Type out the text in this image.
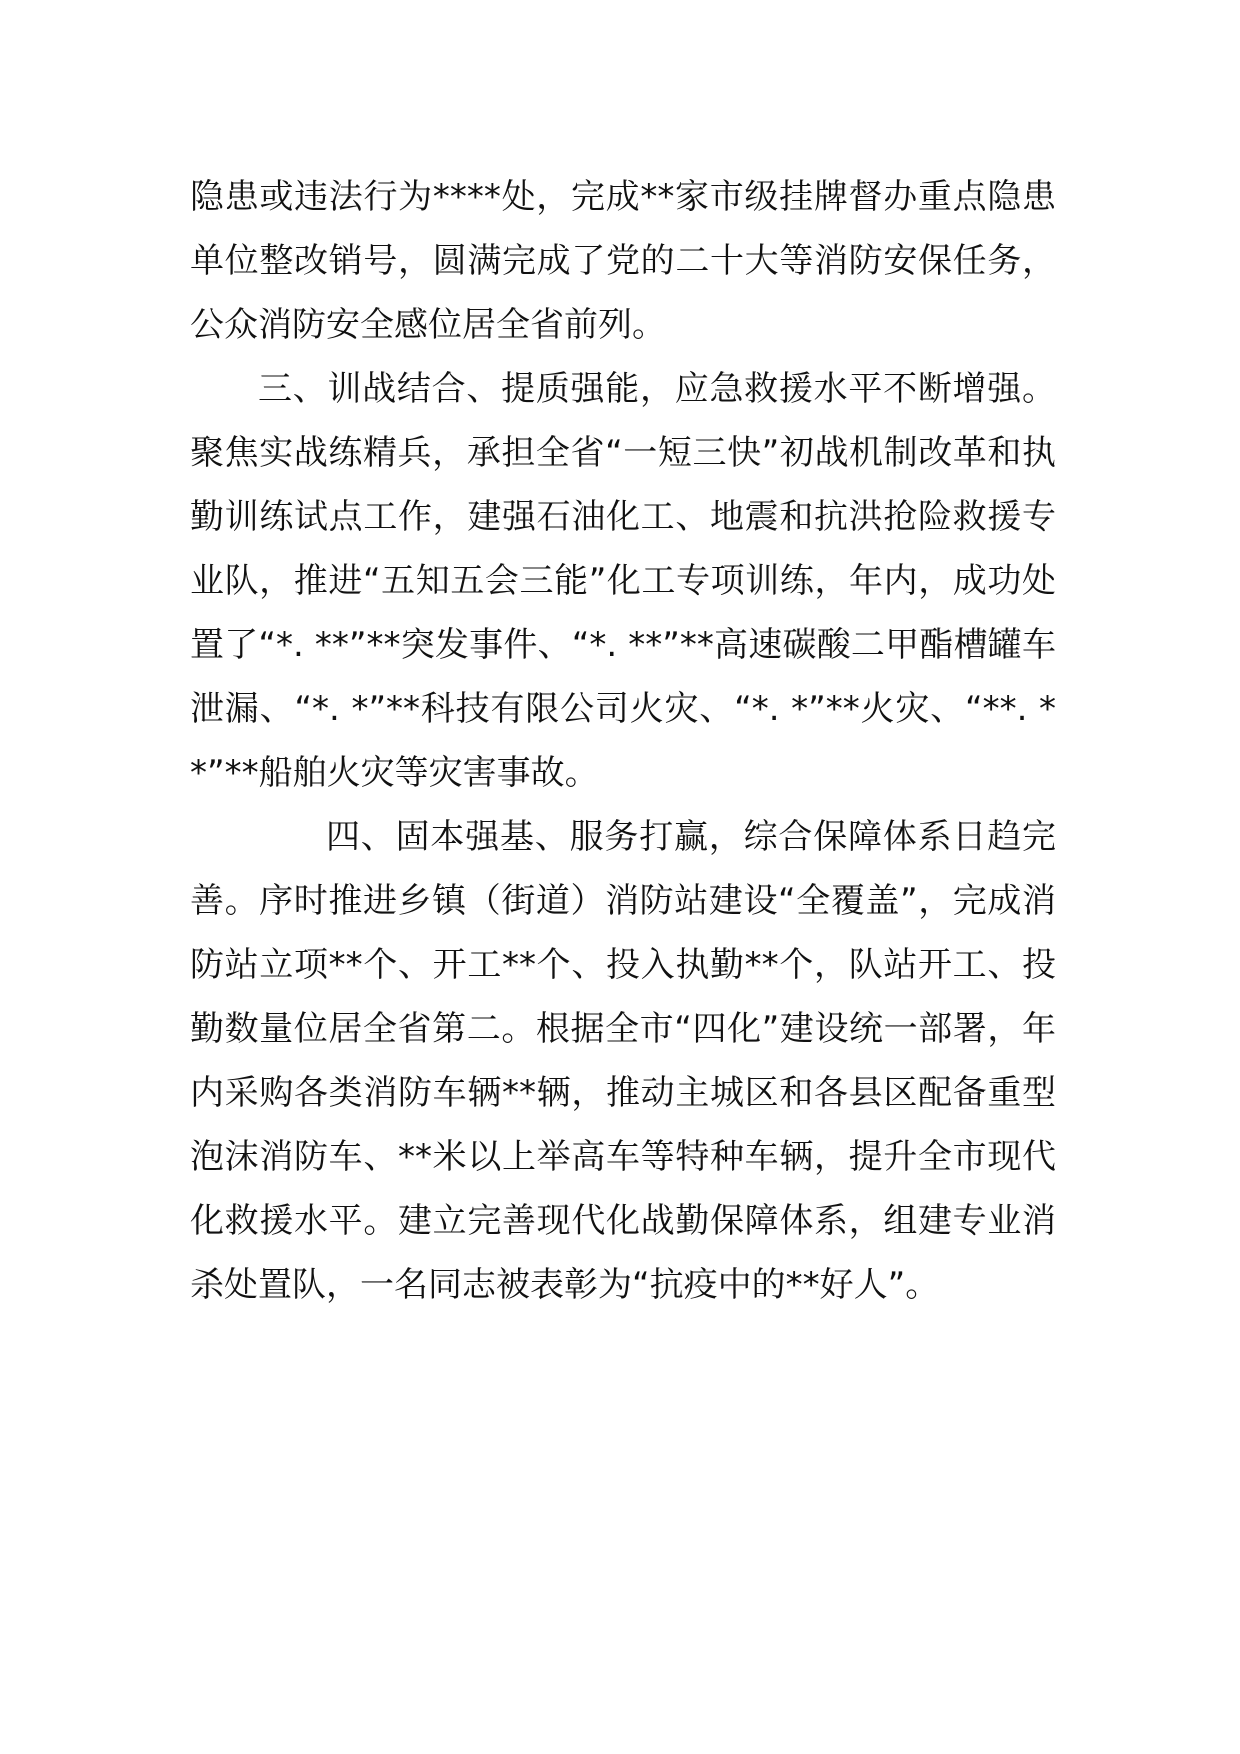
隐患或违法行为****处，完成**家市级挂牌督办重点隐患单位整改销号，圆满完成了党的二十大等消防安保任务，公众消防安全感位居全省前列。

三、训战结合、提质强能，应急救援水平不断增强。聚焦实战练精兵，承担全省“一短三快”初战机制改革和执勤训练试点工作，建强石油化工、地震和抗洪抢险救援专业队，推进“五知五会三能”化工专项训练，年内，成功处置了“*. **”**突发事件、“*. **”**高速碳酸二甲酯槽罐车泄漏、“*. *”**科技有限公司火灾、“*. *”**火灾、“**. **”**船舶火灾等灾害事故。

四、固本强基、服务打赢，综合保障体系日趋完善。序时推进乡镇（街道）消防站建设“全覆盖”，完成消防站立项**个、开工**个、投入执勤**个，队站开工、投勤数量位居全省第二。根据全市“四化”建设统一部署，年内采购各类消防车辆**辆，推动主城区和各县区配备重型泡沫消防车、**米以上举高车等特种车辆，提升全市现代化救援水平。建立完善现代化战勤保障体系，组建专业消杀处置队，一名同志被表彰为“抗疫中的**好人”。
